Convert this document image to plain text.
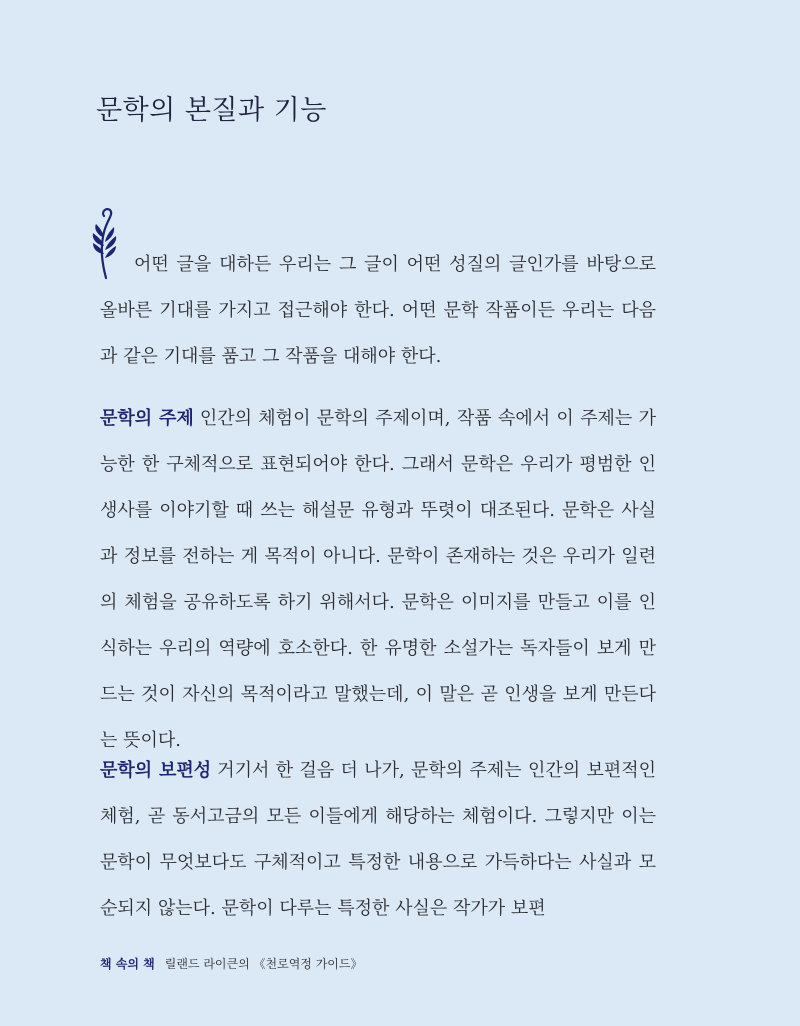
문학의 본질과 기능

어떤 글을 대하든 우리는 그 글이 어떤 성질의 글인가를 바탕으로 올바른 기대를 가지고 접근해야 한다. 어떤 문학 작품이든 우리는 다음과 같은 기대를 품고 그 작품을 대해야 한다.

문학의 주제 인간의 체험이 문학의 주제이며, 작품 속에서 이 주제는 가능한 한 구체적으로 표현되어야 한다. 그래서 문학은 우리가 평범한 인생사를 이야기할 때 쓰는 해설문 유형과 뚜렷이 대조된다. 문학은 사실과 정보를 전하는 게 목적이 아니다. 문학이 존재하는 것은 우리가 일련의 체험을 공유하도록 하기 위해서다. 문학은 이미지를 만들고 이를 인식하는 우리의 역량에 호소한다. 한 유명한 소설가는 독자들이 보게 만드는 것이 자신의 목적이라고 말했는데, 이 말은 곧 인생을 보게 만든다는 뜻이다.

문학의 보편성 거기서 한 걸음 더 나가, 문학의 주제는 인간의 보편적인 체험, 곧 동서고금의 모든 이들에게 해당하는 체험이다. 그렇지만 이는 문학이 무엇보다도 구체적이고 특정한 내용으로 가득하다는 사실과 모순되지 않는다. 문학이 다루는 특정한 사실은 작가가 보편

책 속의 책 릴랜드 라이큰의 《천로역정 가이드》
